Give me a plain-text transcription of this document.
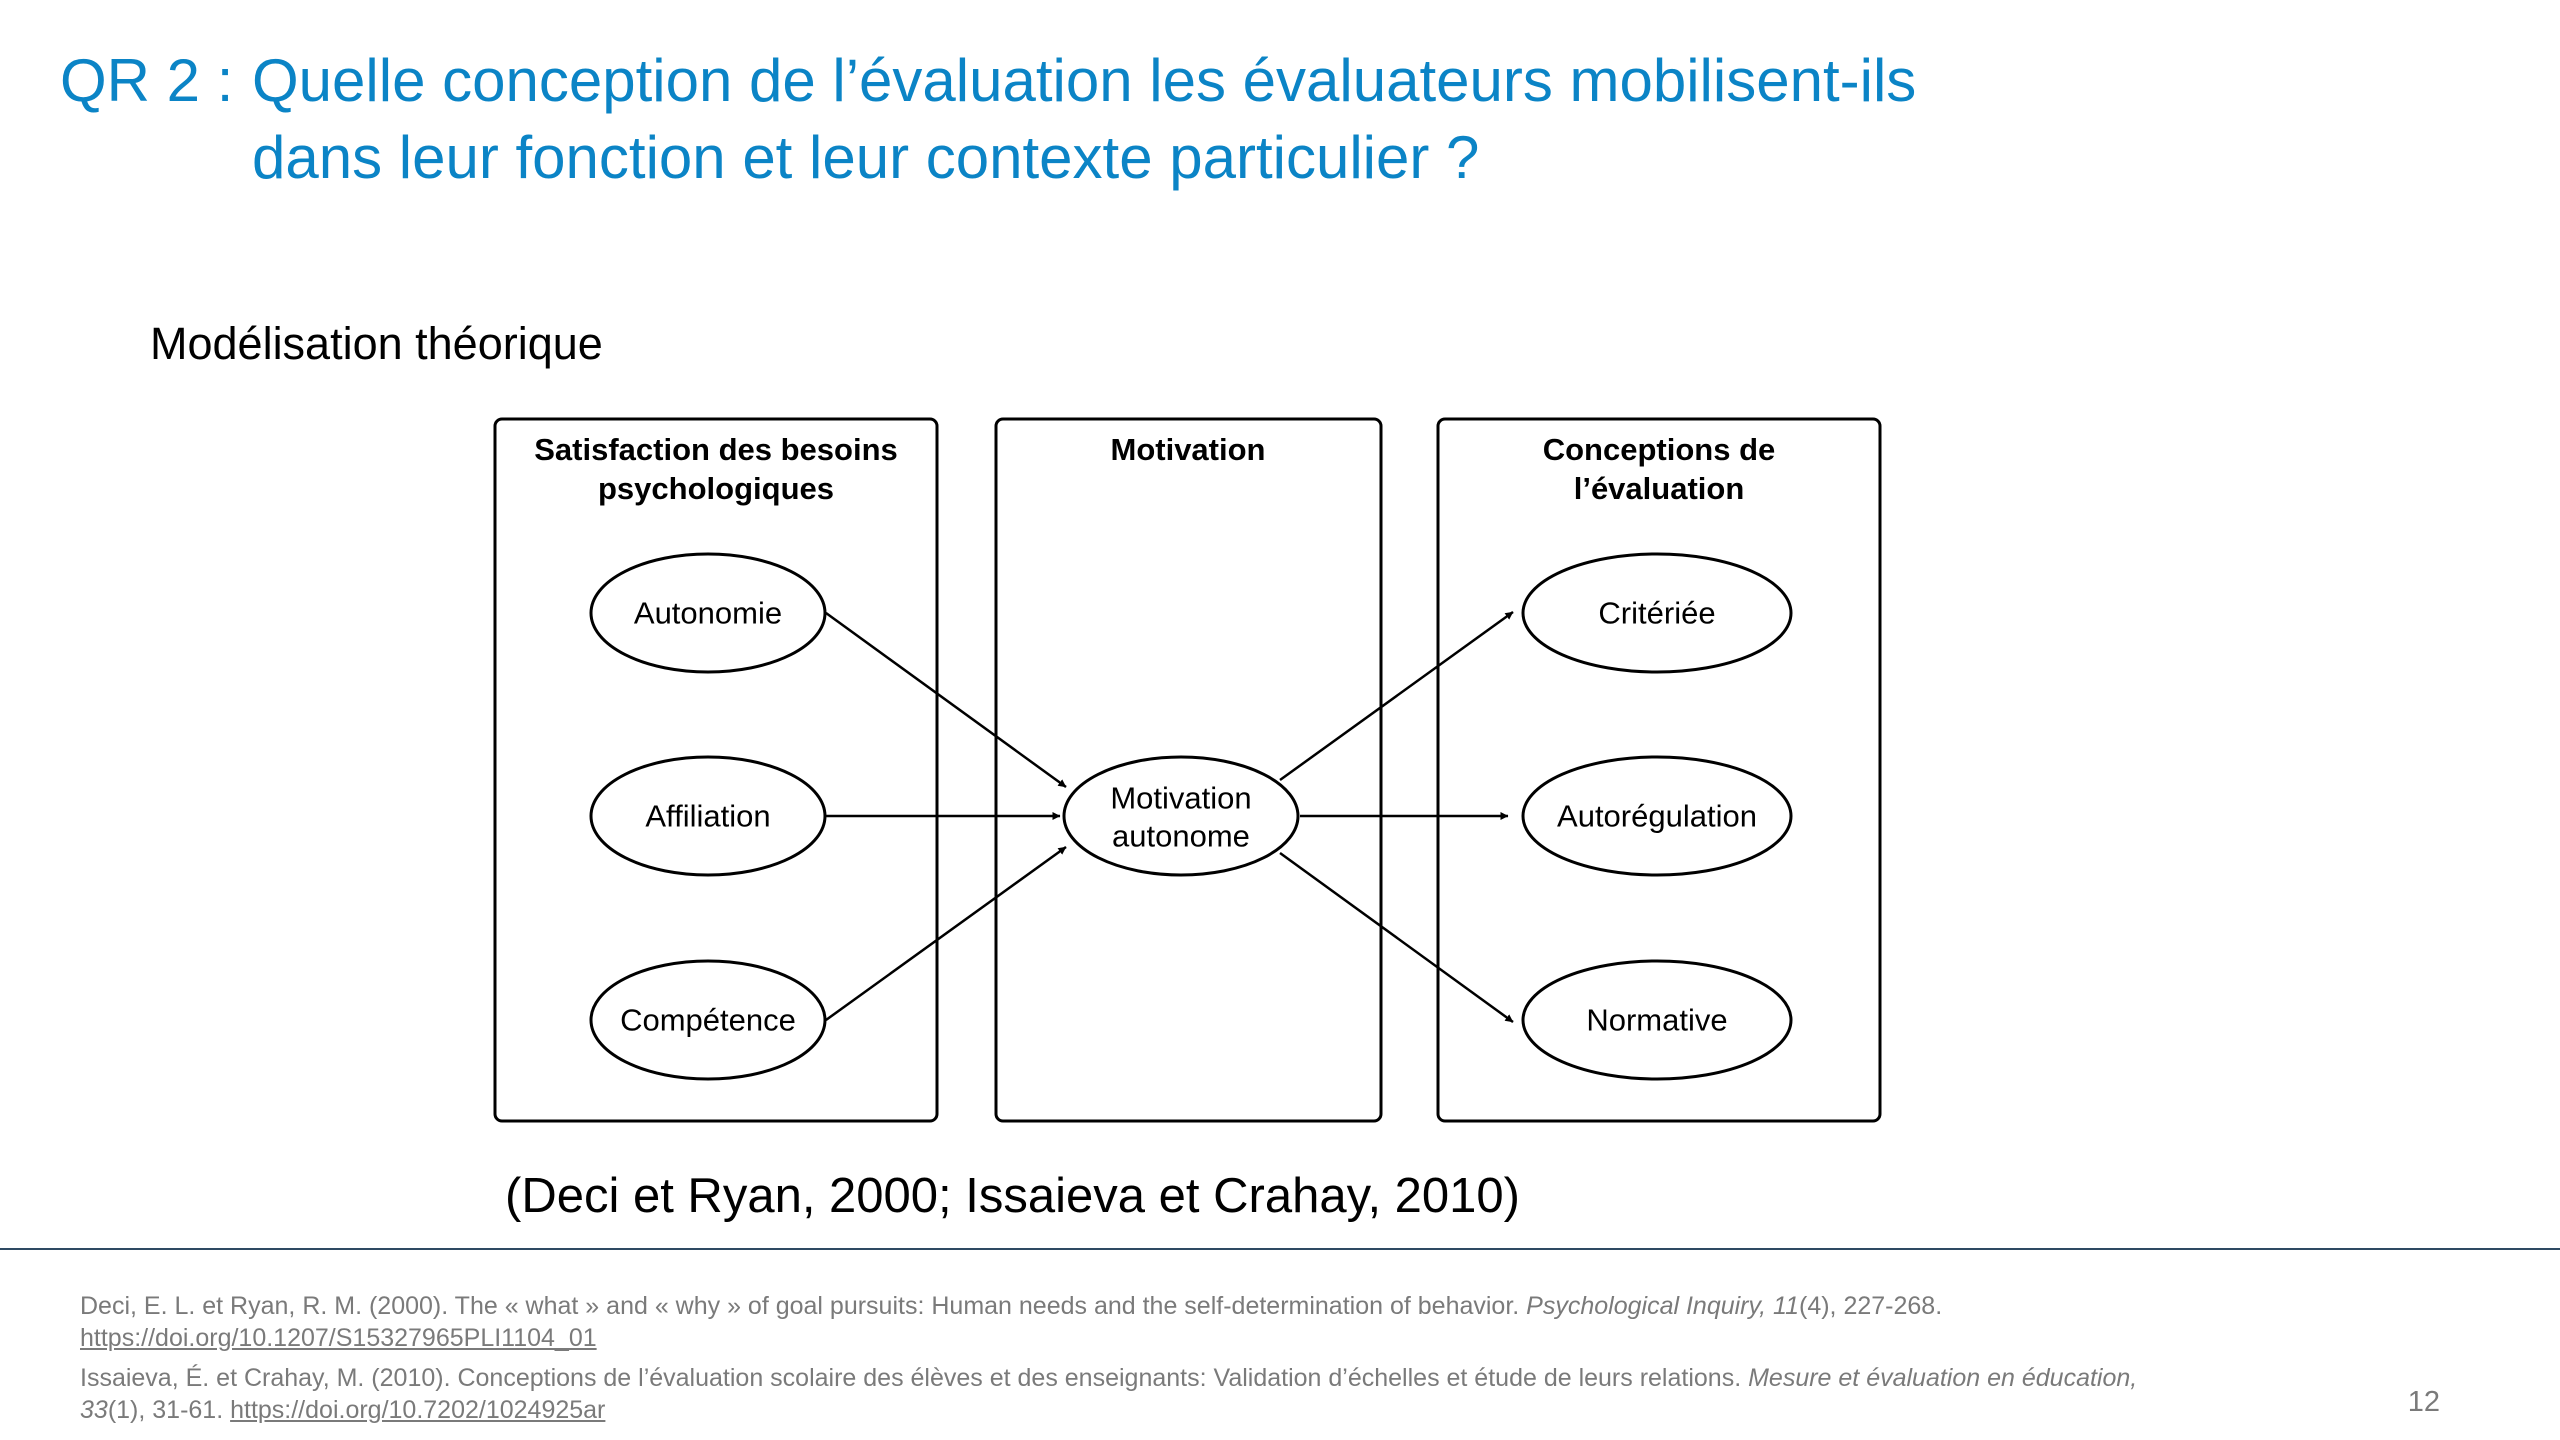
QR 2 : Quelle conception de l’évaluation les évaluateurs mobilisent-ils
dans leur fonction et leur contexte particulier ?
Modélisation théorique
Satisfaction des besoins
psychologiques
Motivation	Conceptions de
l’évaluation
Autonomie
Affiliation
Compétence
Motivation
autonome
Critériée
Autorégulation
Normative
(Deci et Ryan, 2000; Issaieva et Crahay, 2010)

Deci, E. L. et Ryan, R. M. (2000). The « what » and « why » of goal pursuits: Human needs and the self-determination of behavior. Psychological Inquiry, 11(4), 227-268.
https://doi.org/10.1207/S15327965PLI1104_01

Issaieva, É. et Crahay, M. (2010). Conceptions de l’évaluation scolaire des élèves et des enseignants: Validation d’échelles et étude de leurs relations. Mesure et évaluation en éducation, 33(1), 31-61. https://doi.org/10.7202/1024925ar	12
